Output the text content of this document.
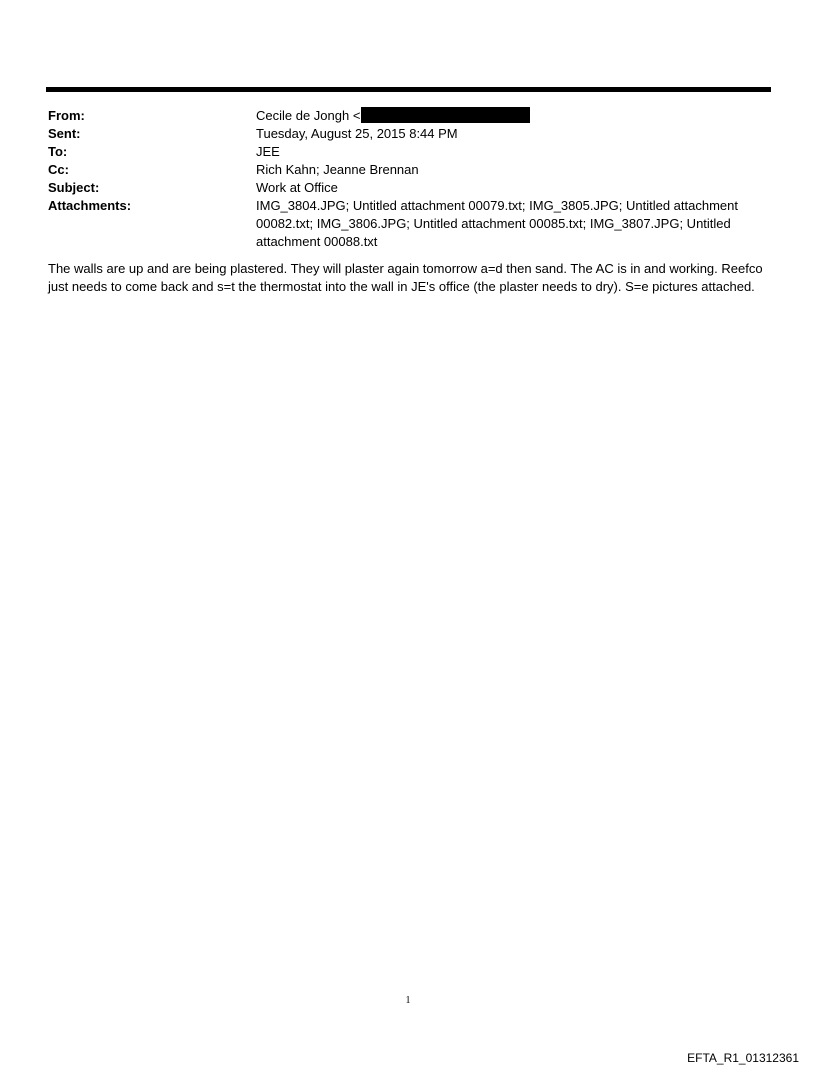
From:	Cecile de Jongh <
Sent:	Tuesday, August 25, 2015 8:44 PM
To:	JEE
Cc:	Rich Kahn; Jeanne Brennan
Subject:	Work at Office
Attachments:	IMG_3804.JPG; Untitled attachment 00079.txt; IMG_3805.JPG; Untitled attachment 00082.txt; IMG_3806.JPG; Untitled attachment 00085.txt; IMG_3807.JPG; Untitled attachment 00088.txt
The walls are up and are being plastered. They will plaster again tomorrow a=d then sand. The AC is in and working. Reefco just needs to come back and s=t the thermostat into the wall in JE's office (the plaster needs to dry). S=e pictures attached.
1
EFTA_R1_01312361
